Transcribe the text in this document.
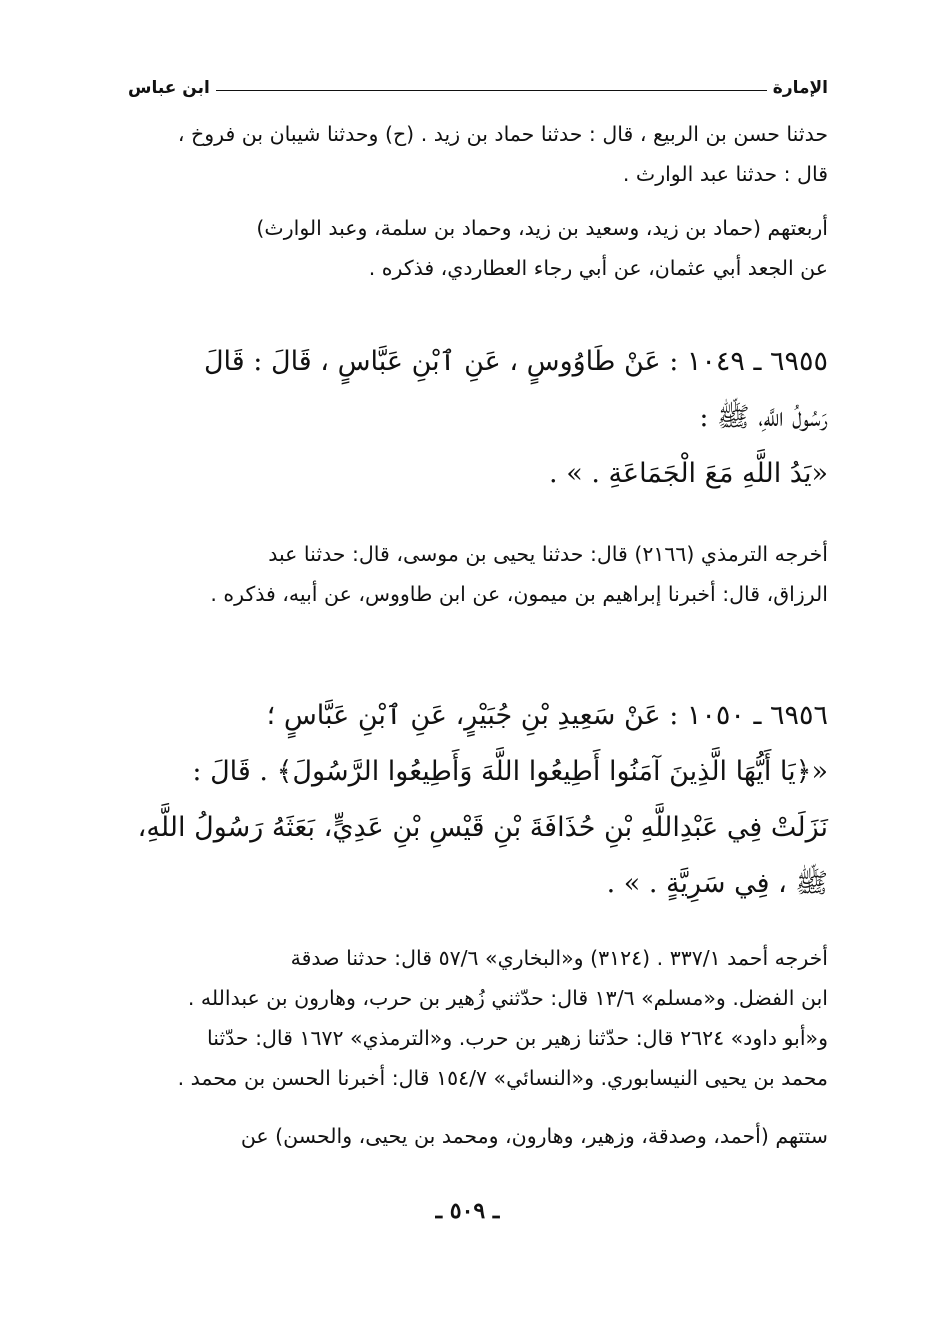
الإمارة
ابن عباس
حدثنا حسن بن الربيع ، قال : حدثنا حماد بن زيد . (ح) وحدثنا شيبان بن فروخ ،
قال : حدثنا عبد الوارث .
أربعتهم (حماد بن زيد، وسعيد بن زيد، وحماد بن سلمة، وعبد الوارث)
عن الجعد أبي عثمان، عن أبي رجاء العطاردي، فذكره .
٦٩٥٥ ـ ١٠٤٩ : عَنْ طَاوُوسٍ ، عَنِ ٱبْنِ عَبَّاسٍ ، قَالَ : قَالَ
رَسُولُ اللَّهِ، ﷺ :
«يَدُ اللَّهِ مَعَ الْجَمَاعَةِ . » .
أخرجه الترمذي (٢١٦٦) قال: حدثنا يحيى بن موسى، قال: حدثنا عبد
الرزاق، قال: أخبرنا إبراهيم بن ميمون، عن ابن طاووس، عن أبيه، فذكره .
٦٩٥٦ ـ ١٠٥٠ : عَنْ سَعِيدِ بْنِ جُبَيْرٍ، عَنِ ٱبْنِ عَبَّاسٍ ؛
«﴿يَا أَيُّهَا الَّذِينَ آمَنُوا أَطِيعُوا اللَّهَ وَأَطِيعُوا الرَّسُولَ﴾ . قَالَ :
نَزَلَتْ فِي عَبْدِاللَّهِ بْنِ حُذَافَةَ بْنِ قَيْسِ بْنِ عَدِيٍّ، بَعَثَهُ رَسُولُ اللَّهِ،
ﷺ ، فِي سَرِيَّةٍ . » .
أخرجه أحمد ٣٣٧/١ . (٣١٢٤) و«البخاري» ٥٧/٦ قال: حدثنا صدقة
ابن الفضل. و«مسلم» ١٣/٦ قال: حدّثني زُهير بن حرب، وهارون بن عبدالله .
و«أبو داود» ٢٦٢٤ قال: حدّثنا زهير بن حرب. و«الترمذي» ١٦٧٢ قال: حدّثنا
محمد بن يحيى النيسابوري. و«النسائي» ١٥٤/٧ قال: أخبرنا الحسن بن محمد .
ستتهم (أحمد، وصدقة، وزهير، وهارون، ومحمد بن يحيى، والحسن) عن
ـ ٥٠٩ ـ
